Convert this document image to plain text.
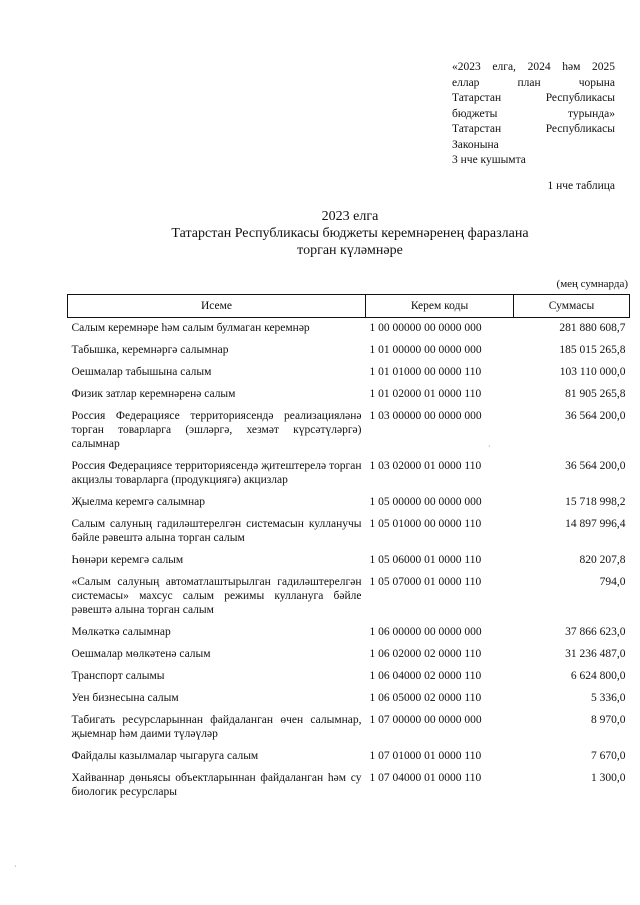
«2023 елга, 2024 һәм 2025
еллар план чорына
Татарстан Республикасы
бюджеты турында»
Татарстан Республикасы
Законына
3 нче кушымта
1 нче таблица
2023 елга
Татарстан Республикасы бюджеты керемнәренең фаразлана
торган күләмнәре
(мең сумнарда)
Исеме	Керем коды	Суммасы
Салым керемнәре һәм салым булмаган керемнәр	1 00 00000 00 0000 000	281 880 608,7
Табышка, керемнәргә салымнар	1 01 00000 00 0000 000	185 015 265,8
Оешмалар табышына салым	1 01 01000 00 0000 110	103 110 000,0
Физик затлар керемнәренә салым	1 01 02000 01 0000 110	81 905 265,8
Россия Федерациясе территориясендә реализацияләнә торган товарларга (эшләргә, хезмәт күрсәтүләргә) салымнар	1 03 00000 00 0000 000	36 564 200,0
Россия Федерациясе территориясендә җитештерелә торган акцизлы товарларга (продукциягә) акцизлар	1 03 02000 01 0000 110	36 564 200,0
Җыелма керемгә салымнар	1 05 00000 00 0000 000	15 718 998,2
Салым салуның гадиләштерелгән системасын кулланучы бәйле рәвештә алына торган салым	1 05 01000 00 0000 110	14 897 996,4
Һөнәри керемгә салым	1 05 06000 01 0000 110	820 207,8
«Салым салуның автоматлаштырылган гадиләштерелгән системасы» махсус салым режимы куллануга бәйле рәвештә алына торган салым	1 05 07000 01 0000 110	794,0
Мөлкәткә салымнар	1 06 00000 00 0000 000	37 866 623,0
Оешмалар мөлкәтенә салым	1 06 02000 02 0000 110	31 236 487,0
Транспорт салымы	1 06 04000 02 0000 110	6 624 800,0
Уен бизнесына салым	1 06 05000 02 0000 110	5 336,0
Табигать ресурсларыннан файдаланган өчен салымнар, җыемнар һәм даими түләүләр	1 07 00000 00 0000 000	8 970,0
Файдалы казылмалар чыгаруга салым	1 07 01000 01 0000 110	7 670,0
Хайваннар дөньясы объектларыннан файдаланган һәм су биологик ресурслары	1 07 04000 01 0000 110	1 300,0
·
·
